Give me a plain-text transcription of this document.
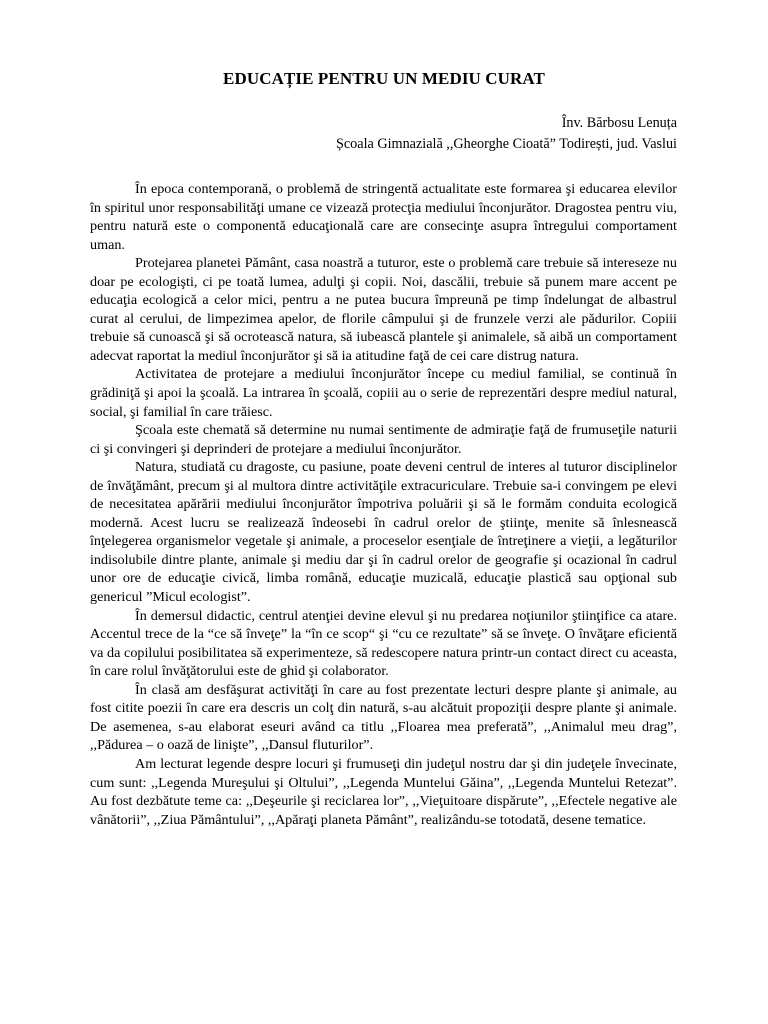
EDUCAȚIE PENTRU UN MEDIU CURAT

Înv. Bărbosu Lenuța

Școala Gimnazială ,,Gheorghe Cioată” Todirești, jud. Vaslui

În epoca contemporană, o problemă de stringentă actualitate este formarea şi educarea elevilor în spiritul unor responsabilităţi umane ce vizează protecţia mediului înconjurător. Dragostea pentru viu, pentru natură este o componentă educaţională care are consecinţe asupra întregului comportament uman.

Protejarea planetei Pământ, casa noastră a tuturor, este o problemă care trebuie să intereseze nu doar pe ecologişti, ci pe toată lumea, adulţi şi copii. Noi, dascălii, trebuie să punem mare accent pe educaţia ecologică a celor mici, pentru a ne putea bucura împreună pe timp îndelungat de albastrul curat al cerului, de limpezimea apelor, de florile câmpului şi de frunzele verzi ale pădurilor. Copiii trebuie să cunoască şi să ocrotească natura, să iubească plantele şi animalele, să aibă un comportament adecvat raportat la mediul înconjurător şi să ia atitudine faţă de cei care distrug natura.

Activitatea de protejare a mediului înconjurător începe cu mediul familial, se continuă în grădiniţă şi apoi la şcoală. La intrarea în şcoală, copiii au o serie de reprezentări despre mediul natural, social, şi familial în care trăiesc.

Şcoala este chemată să determine nu numai sentimente de admiraţie faţă de frumuseţile naturii ci şi convingeri şi deprinderi de protejare a mediului înconjurător.

Natura, studiată cu dragoste, cu pasiune, poate deveni centrul de interes al tuturor disciplinelor de învăţământ, precum şi al multora dintre activităţile extracuriculare. Trebuie sa-i convingem pe elevi de necesitatea apărării mediului înconjurător împotriva poluării şi să le formăm conduita ecologică modernă. Acest lucru se realizează îndeosebi în cadrul orelor de ştiinţe, menite să înlesnească înţelegerea organismelor vegetale şi animale, a proceselor esenţiale de întreţinere a vieţii, a legăturilor indisolubile dintre plante, animale şi mediu dar şi în cadrul orelor de geografie şi ocazional în cadrul unor ore de educaţie civică, limba română, educaţie muzicală, educaţie plastică sau opţional sub genericul ”Micul ecologist”.

În demersul didactic, centrul atenţiei devine elevul şi nu predarea noţiunilor ştiinţifice ca atare. Accentul trece de la “ce să înveţe” la “în ce scop“ şi “cu ce rezultate” să se înveţe. O învăţare eficientă va da copilului posibilitatea să experimenteze, să redescopere natura printr-un contact direct cu aceasta, în care rolul învăţătorului este de ghid şi colaborator.

În clasă am desfăşurat activităţi în care au fost prezentate lecturi despre plante şi animale, au fost citite poezii în care era descris un colţ din natură, s-au alcătuit propoziţii despre plante şi animale. De asemenea, s-au elaborat eseuri având ca titlu ,,Floarea mea preferată”, ,,Animalul meu drag”, ,,Pădurea – o oază de linişte”, ,,Dansul fluturilor”.

Am lecturat legende despre locuri şi frumuseţi din judeţul nostru dar şi din judeţele învecinate, cum sunt: ,,Legenda Mureşului şi Oltului”, ,,Legenda Muntelui Găina”, ,,Legenda Muntelui Retezat”. Au fost dezbătute teme ca: ,,Deşeurile şi reciclarea lor”, ,,Vieţuitoare dispărute”, ,,Efectele negative ale vânătorii”, ,,Ziua Pământului”, ,,Apăraţi planeta Pământ”, realizându-se totodată, desene tematice.
